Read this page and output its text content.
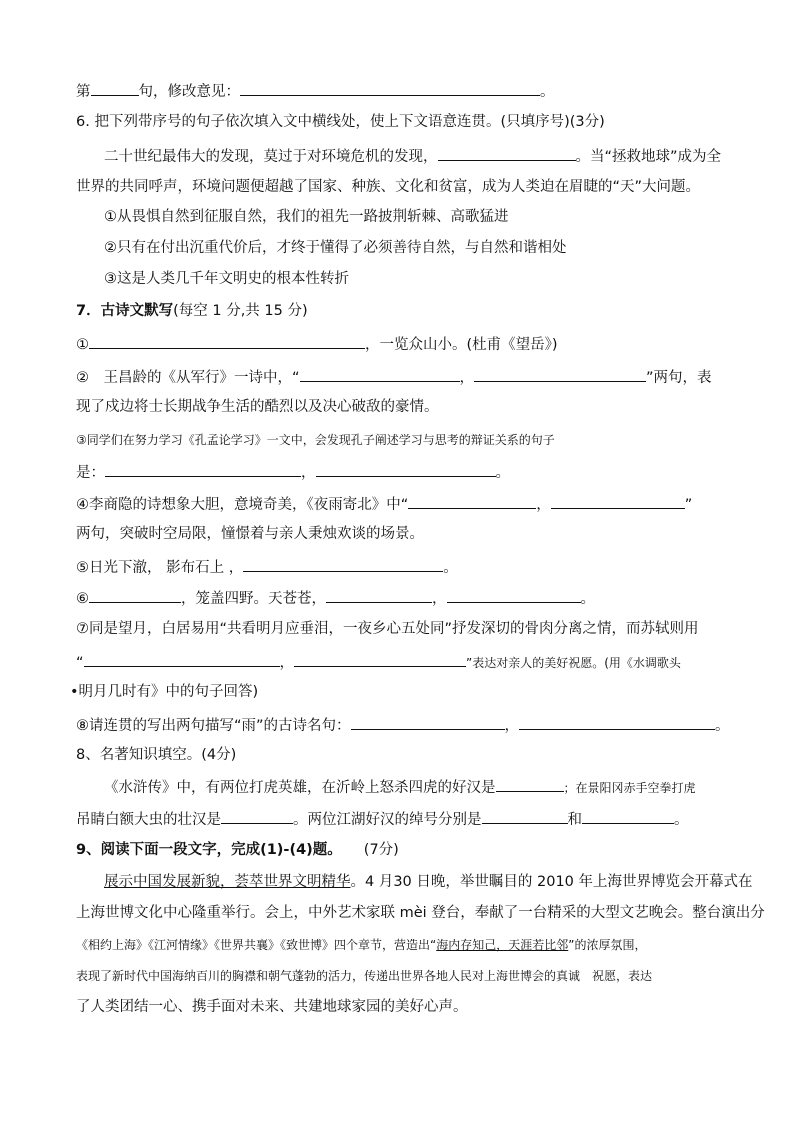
第	句，修改意见：	。
6. 把下列带序号的句子依次填入文中横线处，使上下文语意连贯。(只填序号)(3分)
二十世纪最伟大的发现，莫过于对环境危机的发现，	。当“拯救地球”成为全
世界的共同呼声，环境问题便超越了国家、种族、文化和贫富，成为人类迫在眉睫的“天”大问题。
①从畏惧自然到征服自然，我们的祖先一路披荆斩棘、高歌猛进
②只有在付出沉重代价后，才终于懂得了必须善待自然，与自然和谐相处
③这是人类几千年文明史的根本性转折
7．古诗文默写(每空 1 分,共 15 分)
①	，一览众山小。(杜甫《望岳》)
②　王昌龄的《从军行》一诗中，“	，	”两句，表
现了戍边将士长期战争生活的酷烈以及决心破敌的豪情。
③同学们在努力学习《孔孟论学习》一文中，会发现孔子阐述学习与思考的辩证关系的句子
是：	，	。
④李商隐的诗想象大胆，意境奇美，《夜雨寄北》中“	，	”
两句，突破时空局限，憧憬着与亲人秉烛欢谈的场景。
⑤日光下澈， 影布石上 ，	。
⑥	，笼盖四野。天苍苍，	，	。
⑦同是望月，白居易用“共看明月应垂泪，一夜乡心五处同”抒发深切的骨肉分离之情，而苏轼则用
“	，	”表达对亲人的美好祝愿。(用《水调歌头
•明月几时有》中的句子回答)
⑧请连贯的写出两句描写“雨”的古诗名句：	，	。
8、名著知识填空。(4分)
《水浒传》中，有两位打虎英雄，在沂岭上怒杀四虎的好汉是	；在景阳冈赤手空拳打虎
吊睛白额大虫的壮汉是	。两位江湖好汉的绰号分别是	和	。
9、阅读下面一段文字，完成(1)-(4)题。 (7分)
展示中国发展新貌，荟萃世界文明精华。4 月30 日晚，举世瞩目的 2010 年上海世界博览会开幕式在
上海世博文化中心隆重举行。会上，中外艺术家联 mèi 登台，奉献了一台精采的大型文艺晚会。整台演出分
《相约上海》《江河情缘》《世界共襄》《致世博》四个章节，营造出“海内存知己，天涯若比邻”的浓厚氛围，
表现了新时代中国海纳百川的胸襟和朝气蓬勃的活力，传递出世界各地人民对上海世博会的真诚　祝愿，表达
了人类团结一心、携手面对未来、共建地球家园的美好心声。
